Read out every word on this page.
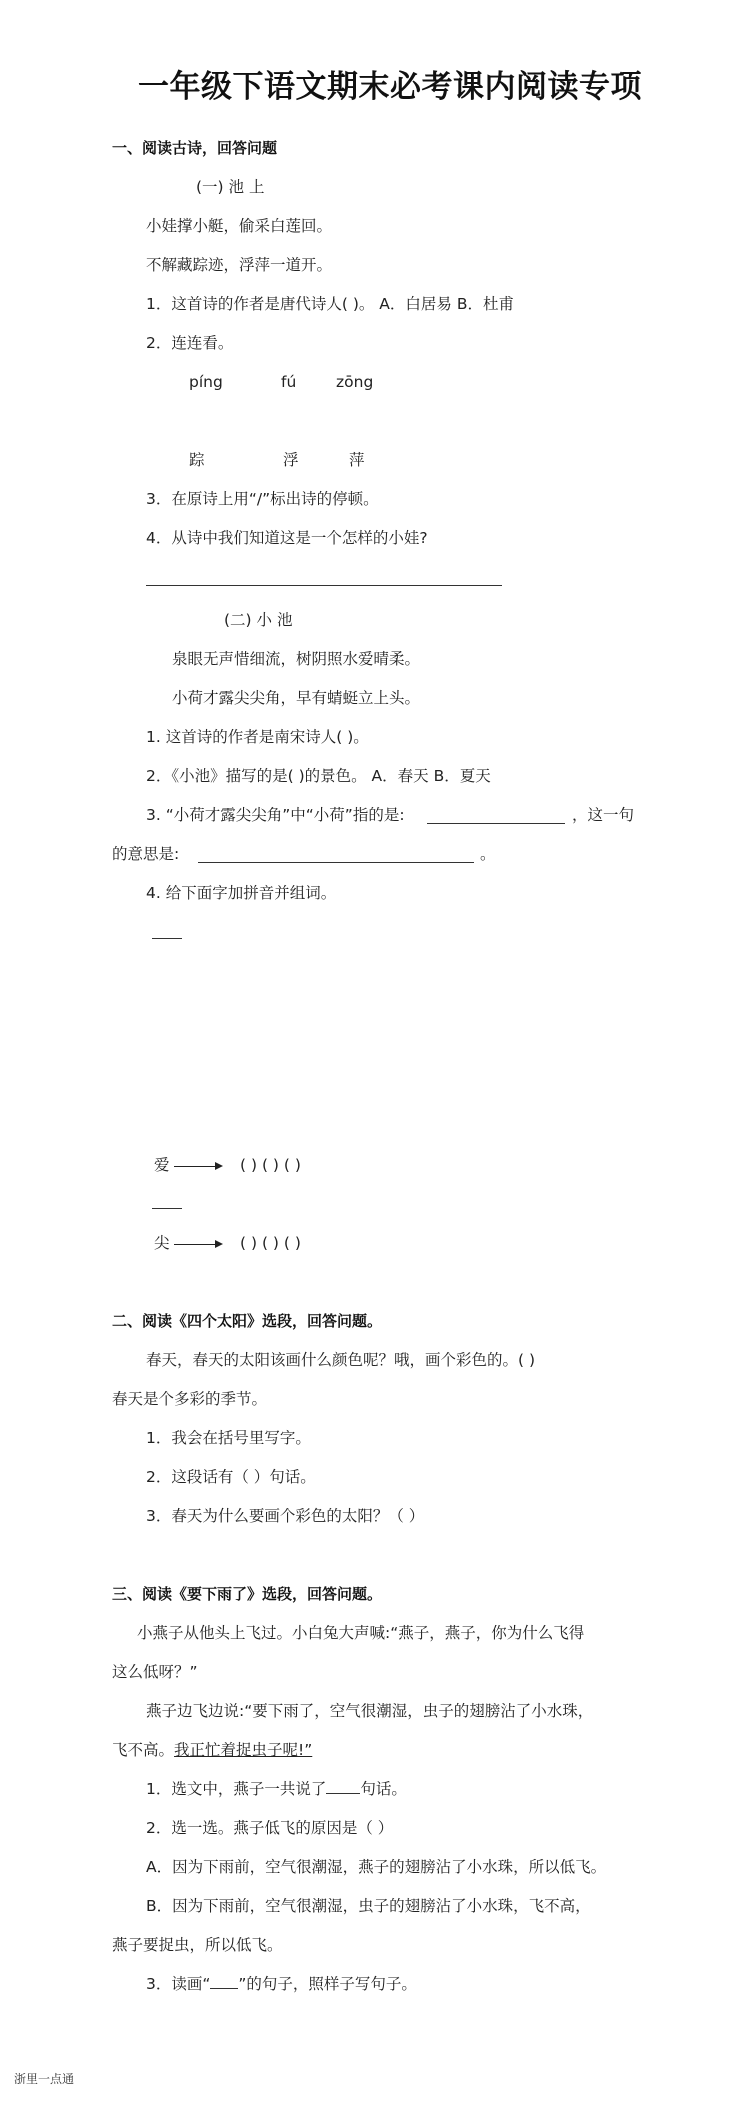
一年级下语文期末必考课内阅读专项
一、阅读古诗，回答问题
(一) 池 上
小娃撑小艇，偷采白莲回。
不解藏踪迹，浮萍一道开。
1．这首诗的作者是唐代诗人( )。 A．白居易 B．杜甫
2．连连看。
píng	fú	zōng
踪	浮	萍
3．在原诗上用“/”标出诗的停顿。
4．从诗中我们知道这是一个怎样的小娃?
(二) 小 池
泉眼无声惜细流，树阴照水爱晴柔。
小荷才露尖尖角，早有蜻蜓立上头。
1. 这首诗的作者是南宋诗人( )。
2．《小池》描写的是( )的景色。 A．春天 B．夏天
3. “小荷才露尖尖角”中“小荷”指的是:	，这一句
的意思是:	。
4. 给下面字加拼音并组词。
爱	( ) ( ) ( )
尖	( ) ( ) ( )
二、阅读《四个太阳》选段，回答问题。
春天，春天的太阳该画什么颜色呢？哦，画个彩色的。( )
春天是个多彩的季节。
1．我会在括号里写字。
2．这段话有（ ）句话。
3．春天为什么要画个彩色的太阳？（ ）
三、阅读《要下雨了》选段，回答问题。
小燕子从他头上飞过。小白兔大声喊:“燕子，燕子，你为什么飞得
这么低呀？”
燕子边飞边说:“要下雨了，空气很潮湿，虫子的翅膀沾了小水珠，
飞不高。我正忙着捉虫子呢!”
1．选文中，燕子一共说了 句话。
2．选一选。燕子低飞的原因是（ ）
A．因为下雨前，空气很潮湿，燕子的翅膀沾了小水珠，所以低飞。
B．因为下雨前，空气很潮湿，虫子的翅膀沾了小水珠，飞不高，
燕子要捉虫，所以低飞。
3．读画“ ”的句子，照样子写句子。
浙里一点通
